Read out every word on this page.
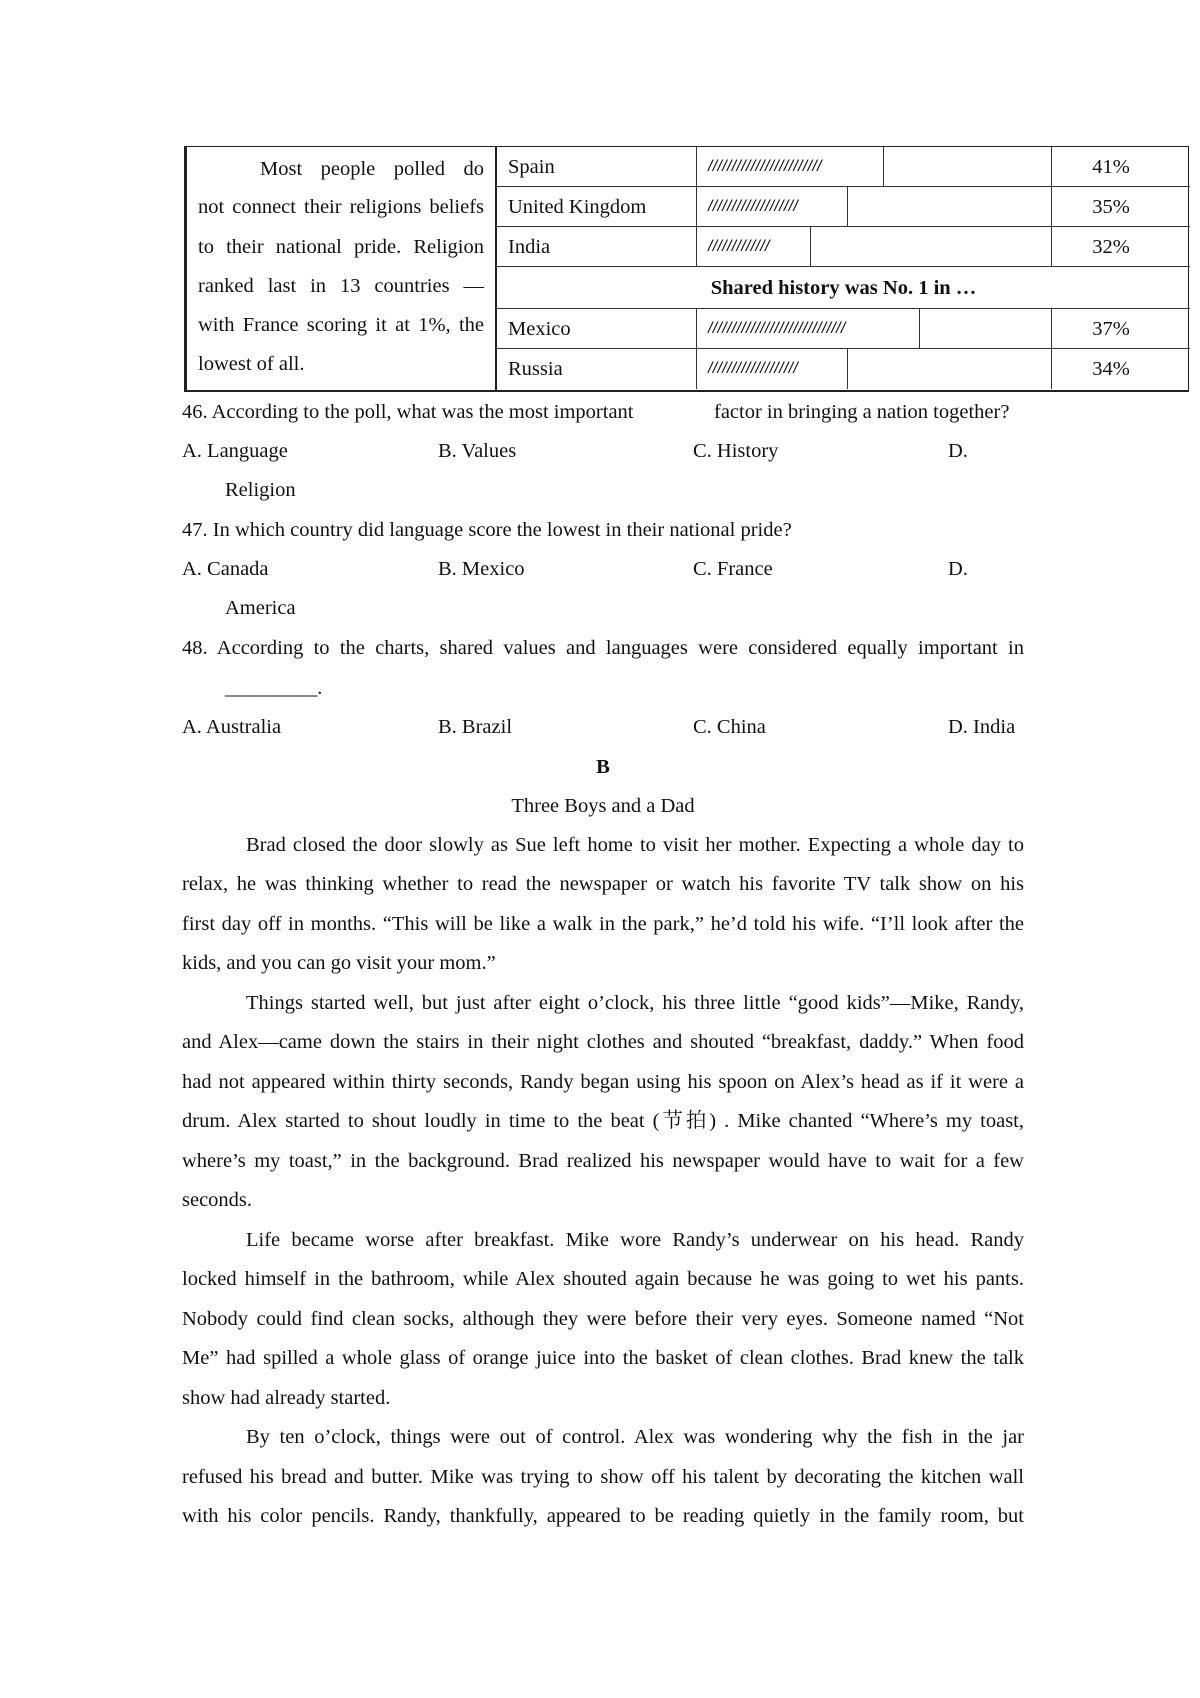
Most people polled do
not connect their religions beliefs
to their national pride. Religion
ranked last in 13 countries —
with France scoring it at 1%, the
lowest of all.
Spain	////////////////////////	41%
United Kingdom	///////////////////	35%
India	/////////////	32%
Shared history was No. 1 in …
Mexico	/////////////////////////////	37%
Russia	///////////////////	34%
46. According to the poll, what was the most important	factor in bringing a nation together?
A. Language	B. Values	C. History	D.
Religion
47. In which country did language score the lowest in their national pride?
A. Canada	B. Mexico	C. France	D.
America
48. According to the charts, shared values and languages were considered equally important in
_________.
A. Australia	B. Brazil	C. China	D. India
B
Three Boys and a Dad
Brad closed the door slowly as Sue left home to visit her mother. Expecting a whole day to
relax, he was thinking whether to read the newspaper or watch his favorite TV talk show on his
first day off in months. “This will be like a walk in the park,” he’d told his wife. “I’ll look after the
kids, and you can go visit your mom.”
Things started well, but just after eight o’clock, his three little “good kids”—Mike, Randy,
and Alex—came down the stairs in their night clothes and shouted “breakfast, daddy.” When food
had not appeared within thirty seconds, Randy began using his spoon on Alex’s head as if it were a
drum. Alex started to shout loudly in time to the beat (节拍) . Mike chanted “Where’s my toast,
where’s my toast,” in the background. Brad realized his newspaper would have to wait for a few
seconds.
Life became worse after breakfast. Mike wore Randy’s underwear on his head. Randy
locked himself in the bathroom, while Alex shouted again because he was going to wet his pants.
Nobody could find clean socks, although they were before their very eyes. Someone named “Not
Me” had spilled a whole glass of orange juice into the basket of clean clothes. Brad knew the talk
show had already started.
By ten o’clock, things were out of control. Alex was wondering why the fish in the jar
refused his bread and butter. Mike was trying to show off his talent by decorating the kitchen wall
with his color pencils. Randy, thankfully, appeared to be reading quietly in the family room, but
